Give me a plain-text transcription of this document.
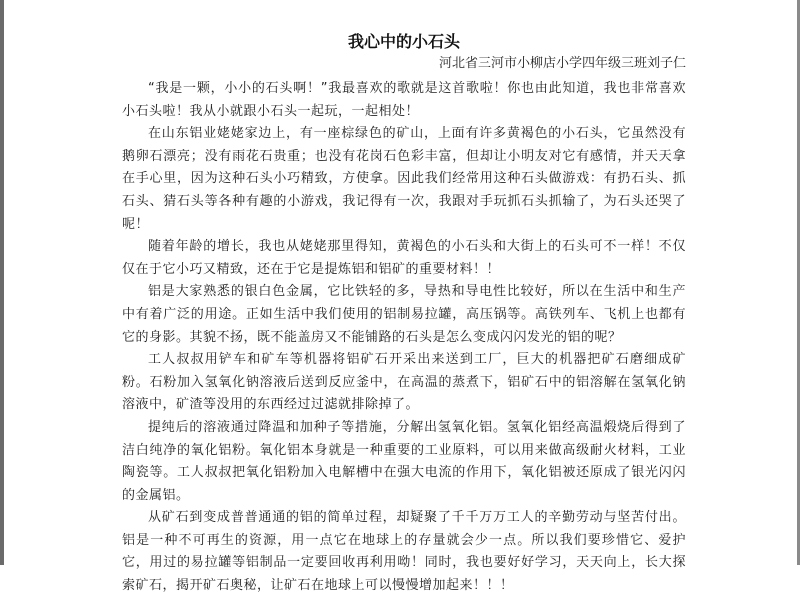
我心中的小石头

河北省三河市小柳店小学四年级三班刘子仁

“我是一颗，小小的石头啊！”我最喜欢的歌就是这首歌啦！你也由此知道，我也非常喜欢小石头啦！我从小就跟小石头一起玩，一起相处！

在山东铝业姥姥家边上，有一座棕绿色的矿山，上面有许多黄褐色的小石头，它虽然没有鹅卵石漂亮；没有雨花石贵重；也没有花岗石色彩丰富，但却让小明友对它有感情，并天天拿在手心里，因为这种石头小巧精致，方使拿。因此我们经常用这种石头做游戏：有扔石头、抓石头、猜石头等各种有趣的小游戏，我记得有一次，我跟对手玩抓石头抓输了，为石头还哭了呢！

随着年龄的增长，我也从姥姥那里得知，黄褐色的小石头和大街上的石头可不一样！不仅仅在于它小巧又精致，还在于它是提炼铝和铝矿的重要材料！！

铝是大家熟悉的银白色金属，它比铁轻的多，导热和导电性比较好，所以在生活中和生产中有着广泛的用途。正如生活中我们使用的铝制易拉罐，高压锅等。高铁列车、飞机上也都有它的身影。其貌不扬，既不能盖房又不能铺路的石头是怎么变成闪闪发光的铝的呢？

工人叔叔用铲车和矿车等机器将铝矿石开采出来送到工厂，巨大的机器把矿石磨细成矿粉。石粉加入氢氧化钠溶液后送到反应釜中，在高温的蒸煮下，铝矿石中的铝溶解在氢氧化钠溶液中，矿渣等没用的东西经过过滤就排除掉了。

提纯后的溶液通过降温和加种子等措施，分解出氢氧化铝。氢氧化铝经高温煅烧后得到了洁白纯净的氧化铝粉。氧化铝本身就是一种重要的工业原料，可以用来做高级耐火材料，工业陶瓷等。工人叔叔把氧化铝粉加入电解槽中在强大电流的作用下，氧化铝被还原成了银光闪闪的金属铝。

从矿石到变成普普通通的铝的简单过程，却疑聚了千千万万工人的辛勤劳动与坚苦付出。铝是一种不可再生的资源，用一点它在地球上的存量就会少一点。所以我们要珍惜它、爱护它，用过的易拉罐等铝制品一定要回收再利用呦！同时，我也要好好学习，天天向上，长大探索矿石，揭开矿石奥秘，让矿石在地球上可以慢慢增加起来！！！
